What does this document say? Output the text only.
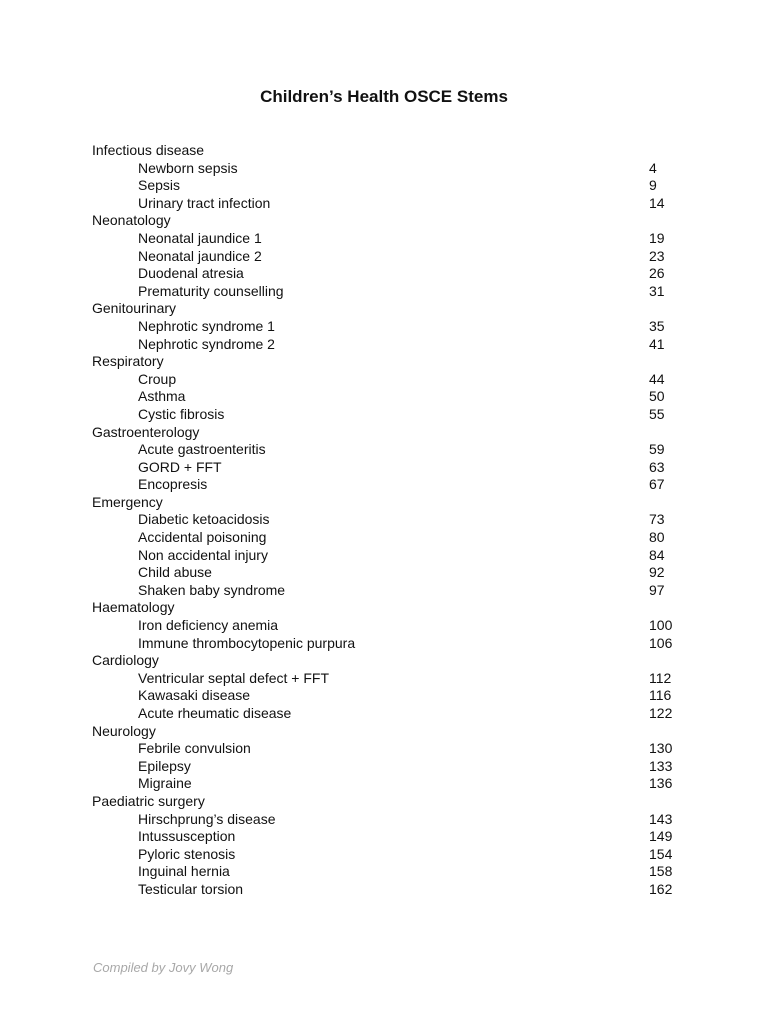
Children’s Health OSCE Stems
Infectious disease
Newborn sepsis	4
Sepsis	9
Urinary tract infection	14
Neonatology
Neonatal jaundice 1	19
Neonatal jaundice 2	23
Duodenal atresia	26
Prematurity counselling	31
Genitourinary
Nephrotic syndrome 1	35
Nephrotic syndrome 2	41
Respiratory
Croup	44
Asthma	50
Cystic fibrosis	55
Gastroenterology
Acute gastroenteritis	59
GORD + FFT	63
Encopresis	67
Emergency
Diabetic ketoacidosis	73
Accidental poisoning	80
Non accidental injury	84
Child abuse	92
Shaken baby syndrome	97
Haematology
Iron deficiency anemia	100
Immune thrombocytopenic purpura	106
Cardiology
Ventricular septal defect + FFT	112
Kawasaki disease	116
Acute rheumatic disease	122
Neurology
Febrile convulsion	130
Epilepsy	133
Migraine	136
Paediatric surgery
Hirschprung’s disease	143
Intussusception	149
Pyloric stenosis	154
Inguinal hernia	158
Testicular torsion	162
Compiled by Jovy Wong
